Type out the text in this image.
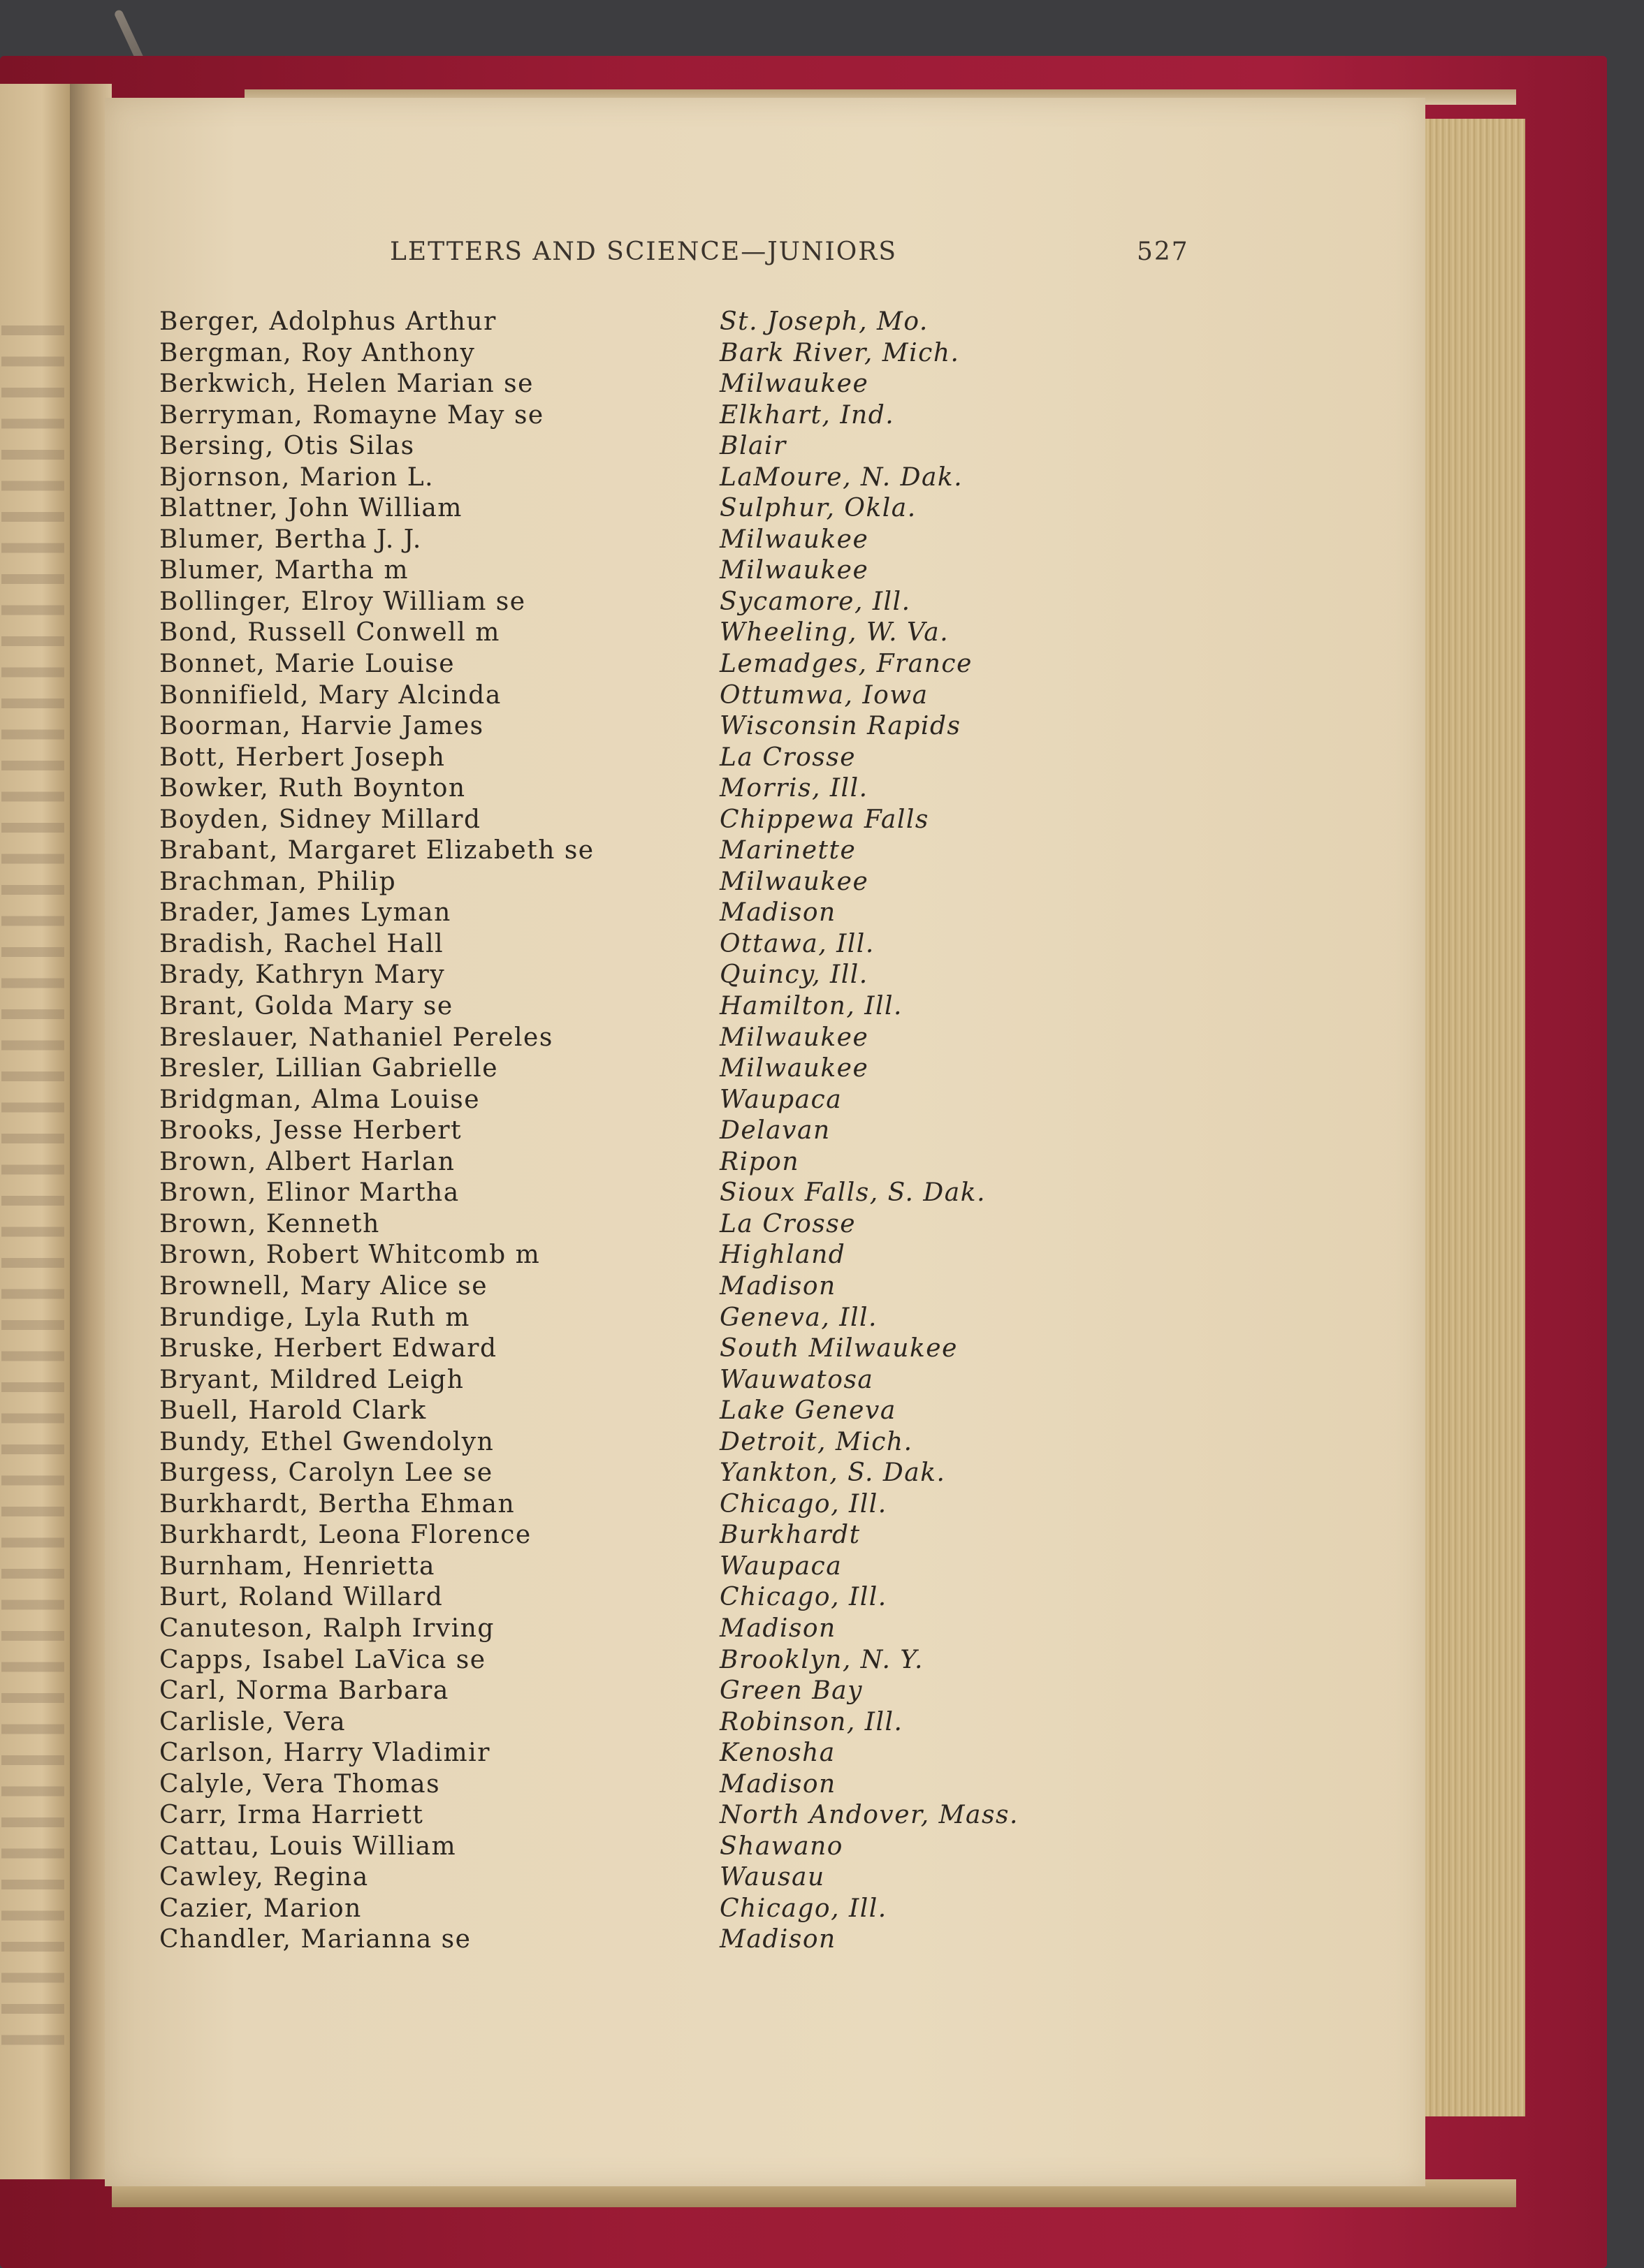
LETTERS AND SCIENCE—JUNIORS	527
Berger, Adolphus Arthur	St. Joseph, Mo.
Bergman, Roy Anthony	Bark River, Mich.
Berkwich, Helen Marian se	Milwaukee
Berryman, Romayne May se	Elkhart, Ind.
Bersing, Otis Silas	Blair
Bjornson, Marion L.	LaMoure, N. Dak.
Blattner, John William	Sulphur, Okla.
Blumer, Bertha J. J.	Milwaukee
Blumer, Martha m	Milwaukee
Bollinger, Elroy William se	Sycamore, Ill.
Bond, Russell Conwell m	Wheeling, W. Va.
Bonnet, Marie Louise	Lemadges, France
Bonnifield, Mary Alcinda	Ottumwa, Iowa
Boorman, Harvie James	Wisconsin Rapids
Bott, Herbert Joseph	La Crosse
Bowker, Ruth Boynton	Morris, Ill.
Boyden, Sidney Millard	Chippewa Falls
Brabant, Margaret Elizabeth se	Marinette
Brachman, Philip	Milwaukee
Brader, James Lyman	Madison
Bradish, Rachel Hall	Ottawa, Ill.
Brady, Kathryn Mary	Quincy, Ill.
Brant, Golda Mary se	Hamilton, Ill.
Breslauer, Nathaniel Pereles	Milwaukee
Bresler, Lillian Gabrielle	Milwaukee
Bridgman, Alma Louise	Waupaca
Brooks, Jesse Herbert	Delavan
Brown, Albert Harlan	Ripon
Brown, Elinor Martha	Sioux Falls, S. Dak.
Brown, Kenneth	La Crosse
Brown, Robert Whitcomb m	Highland
Brownell, Mary Alice se	Madison
Brundige, Lyla Ruth m	Geneva, Ill.
Bruske, Herbert Edward	South Milwaukee
Bryant, Mildred Leigh	Wauwatosa
Buell, Harold Clark	Lake Geneva
Bundy, Ethel Gwendolyn	Detroit, Mich.
Burgess, Carolyn Lee se	Yankton, S. Dak.
Burkhardt, Bertha Ehman	Chicago, Ill.
Burkhardt, Leona Florence	Burkhardt
Burnham, Henrietta	Waupaca
Burt, Roland Willard	Chicago, Ill.
Canuteson, Ralph Irving	Madison
Capps, Isabel LaVica se	Brooklyn, N. Y.
Carl, Norma Barbara	Green Bay
Carlisle, Vera	Robinson, Ill.
Carlson, Harry Vladimir	Kenosha
Calyle, Vera Thomas	Madison
Carr, Irma Harriett	North Andover, Mass.
Cattau, Louis William	Shawano
Cawley, Regina	Wausau
Cazier, Marion	Chicago, Ill.
Chandler, Marianna se	Madison
